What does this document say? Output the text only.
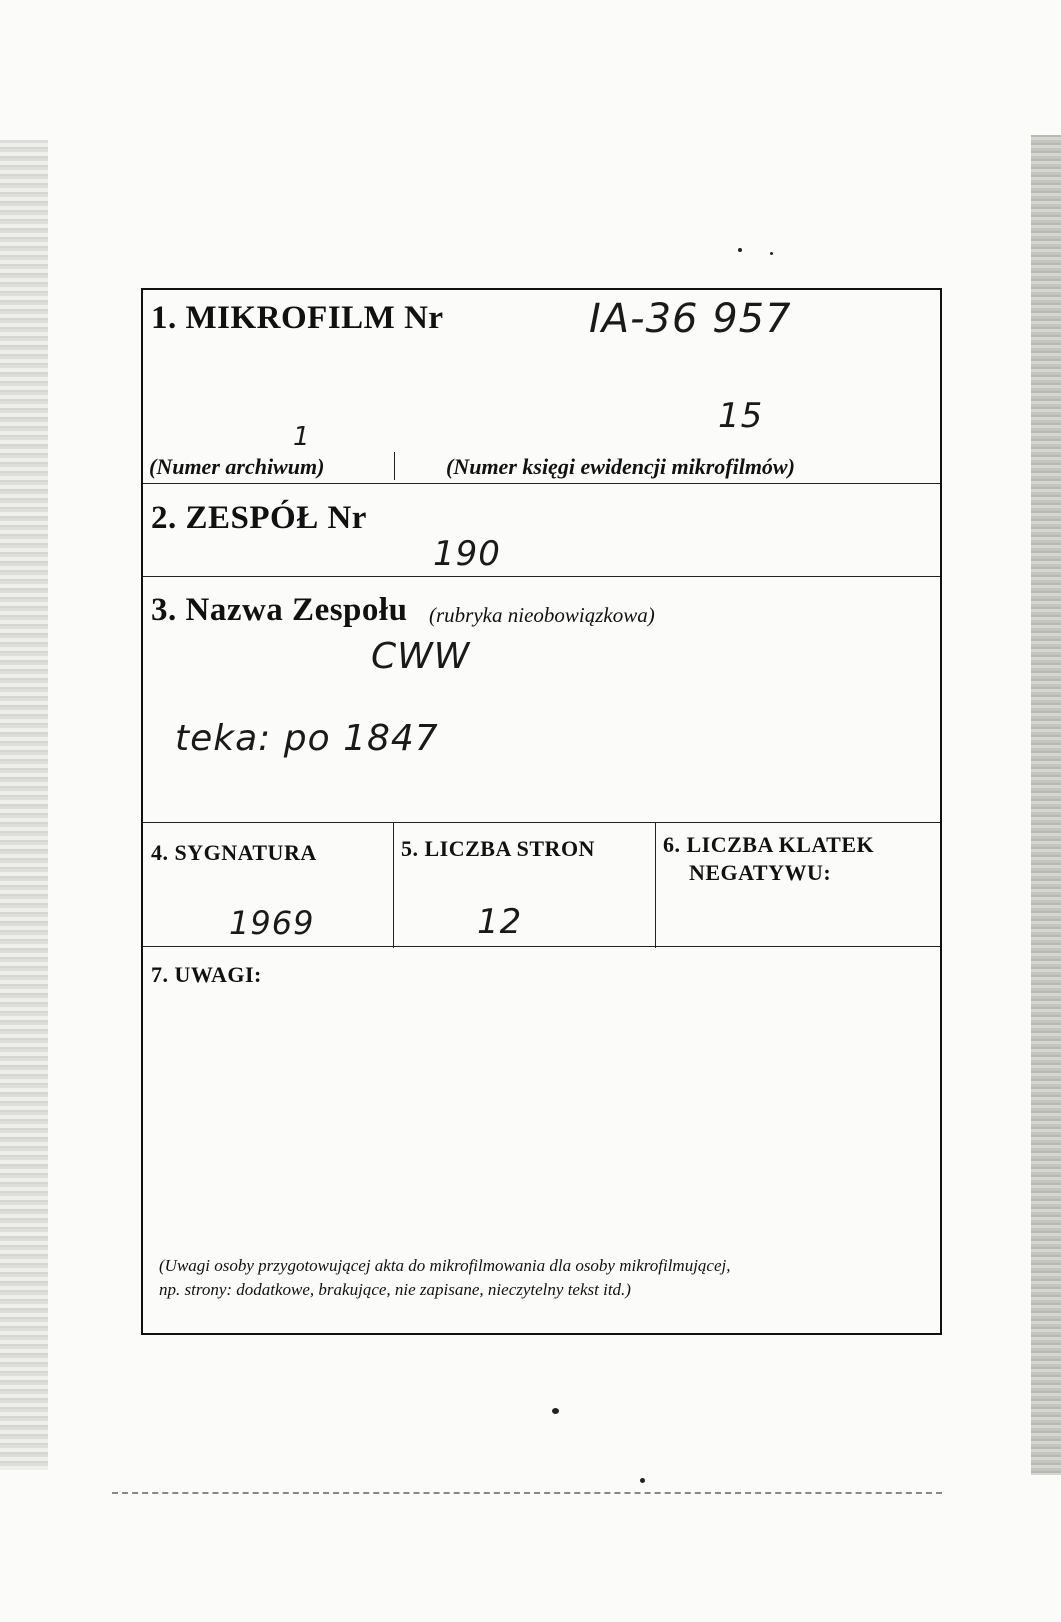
1. MIKROFILM Nr	IA-36 957
15
1
(Numer archiwum)	(Numer księgi ewidencji mikrofilmów)
2. ZESPÓŁ Nr
190
3. Nazwa Zespołu (rubryka nieobowiązkowa)
CWW
teka: po 1847
4. SYGNATURA
1969
5. LICZBA STRON
12
6. LICZBA KLATEK
NEGATYWU:
7. UWAGI:
(Uwagi osoby przygotowującej akta do mikrofilmowania dla osoby mikrofilmującej,
np. strony: dodatkowe, brakujące, nie zapisane, nieczytelny tekst itd.)
